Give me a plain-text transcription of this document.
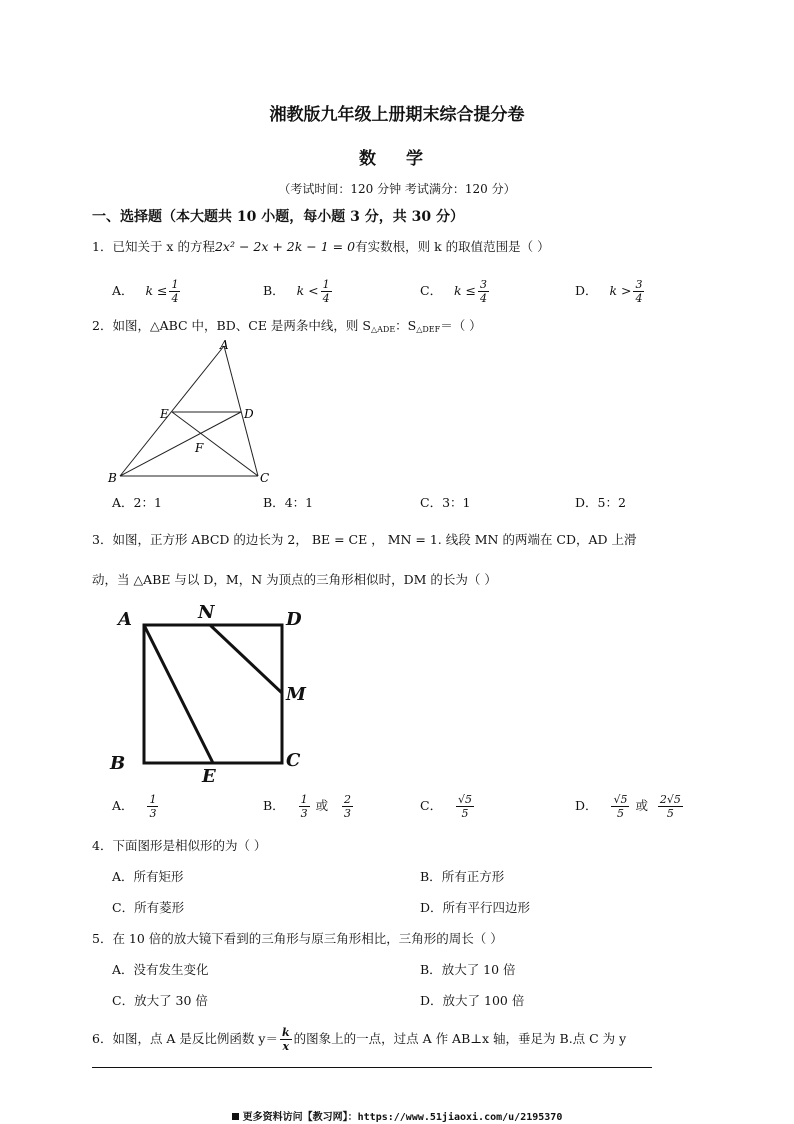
湘教版九年级上册期末综合提分卷
数 学
（考试时间：120 分钟 考试满分：120 分）
一、选择题（本大题共 10 小题，每小题 3 分，共 30 分）
1．已知关于 x 的方程2x² − 2x + 2k − 1 = 0有实数根，则 k 的取值范围是（ ）
A． $k \le \frac{1}{4}$	B． $k < \frac{1}{4}$	C． $k \le \frac{3}{4}$	D． $k > \frac{3}{4}$
2．如图，△ABC 中，BD、CE 是两条中线，则 $S_{\triangle ADE}$：$S_{\triangle DEF}=$（ ）
A
B	C
D
E
F
A．2：1	B．4：1	C．3：1	D．5：2
3．如图，正方形 ABCD 的边长为 2， BE = CE ， MN = 1. 线段 MN 的两端在 CD，AD 上滑
动，当 △ABE 与以 D，M，N 为顶点的三角形相似时，DM 的长为（ ）
A	N	D
M
B
E
C
A． $\frac{1}{3}$	B． $\frac{1}{3}$ 或 $\frac{2}{3}$	C． $\frac{√5}{5}$	D． $\frac{√5}{5}$ 或 $\frac{2√5}{5}$
4．下面图形是相似形的为（ ）
A．所有矩形	B．所有正方形
C．所有菱形	D．所有平行四边形
5．在 10 倍的放大镜下看到的三角形与原三角形相比，三角形的周长（ ）
A．没有发生变化	B．放大了 10 倍
C．放大了 30 倍	D．放大了 100 倍
6．如图，点 A 是反比例函数 $y= \frac{k}{x}$ 的图象上的一点，过点 A 作 AB⊥x 轴，垂足为 B.点 C 为 y
更多资料访问【教习网】：https://www.51jiaoxi.com/u/2195370
